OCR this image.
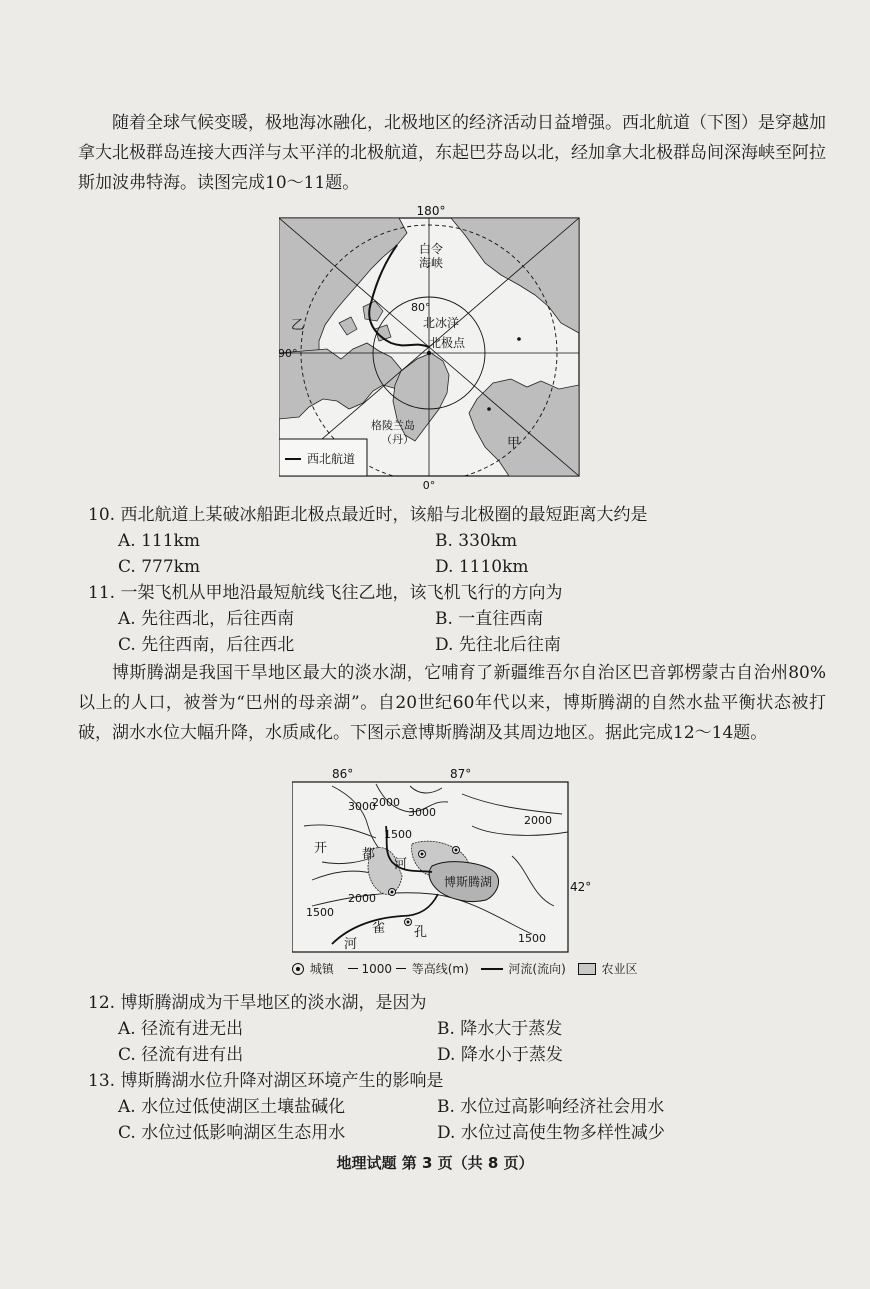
随着全球气候变暖，极地海冰融化，北极地区的经济活动日益增强。西北航道（下图）是穿越加拿大北极群岛连接大西洋与太平洋的北极航道，东起巴芬岛以北，经加拿大北极群岛间深海峡至阿拉斯加波弗特海。读图完成10～11题。
180°
90°
0°
白令
海峡
80°
北冰洋
北极点
乙
格陵兰岛
（丹）	甲
西北航道
10. 西北航道上某破冰船距北极点最近时，该船与北极圈的最短距离大约是
A. 111km	B. 330km
C. 777km	D. 1110km
11. 一架飞机从甲地沿最短航线飞往乙地，该飞机飞行的方向为
A. 先往西北，后往西南	B. 一直往西南
C. 先往西南，后往西北	D. 先往北后往南
博斯腾湖是我国干旱地区最大的淡水湖，它哺育了新疆维吾尔自治区巴音郭楞蒙古自治州80%以上的人口，被誉为“巴州的母亲湖”。自20世纪60年代以来，博斯腾湖的自然水盐平衡状态被打破，湖水水位大幅升降，水质咸化。下图示意博斯腾湖及其周边地区。据此完成12～14题。
86°	87°
42°
3000
2000
3000
2000
1500
2000
1500
1500
开	都
河
博斯腾湖
河
雀 孔
城镇 1000 等高线(m)	河流(流向)	农业区
12. 博斯腾湖成为干旱地区的淡水湖，是因为
A. 径流有进无出	B. 降水大于蒸发
C. 径流有进有出	D. 降水小于蒸发
13. 博斯腾湖水位升降对湖区环境产生的影响是
A. 水位过低使湖区土壤盐碱化	B. 水位过高影响经济社会用水
C. 水位过低影响湖区生态用水	D. 水位过高使生物多样性减少
地理试题 第 3 页（共 8 页）
